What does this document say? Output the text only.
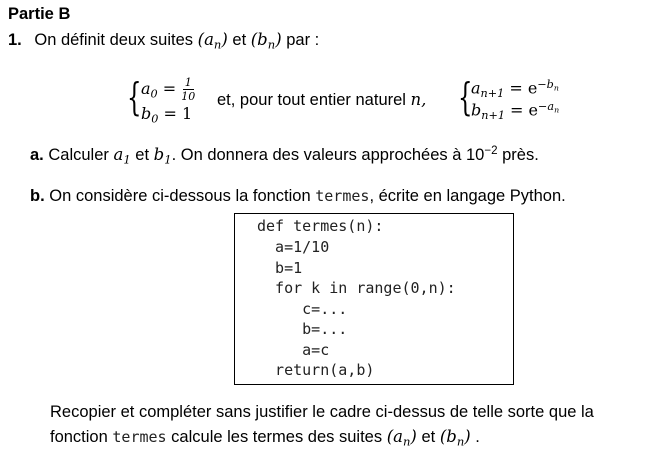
Partie B
1. On définit deux suites $(a_n)$ et $(b_n)$ par :
{ $a_0 = \frac{1}{10}$
$b_0 = 1$
et, pour tout entier naturel n, {
$a_{n+1} = e^{-b_n}$
$b_{n+1} = e^{-a_n}$
a. Calculer $a_1$ et $b_1$. On donnera des valeurs approchées à $10^{-2}$ près.
b. On considère ci-dessous la fonction termes, écrite en langage Python.
def termes(n):
a=1/10
b=1
for k in range(0,n):
c=...
b=...
a=c
return(a,b)
Recopier et compléter sans justifier le cadre ci-dessus de telle sorte que la
fonction termes calcule les termes des suites $(a_n)$ et $(b_n)$ .
